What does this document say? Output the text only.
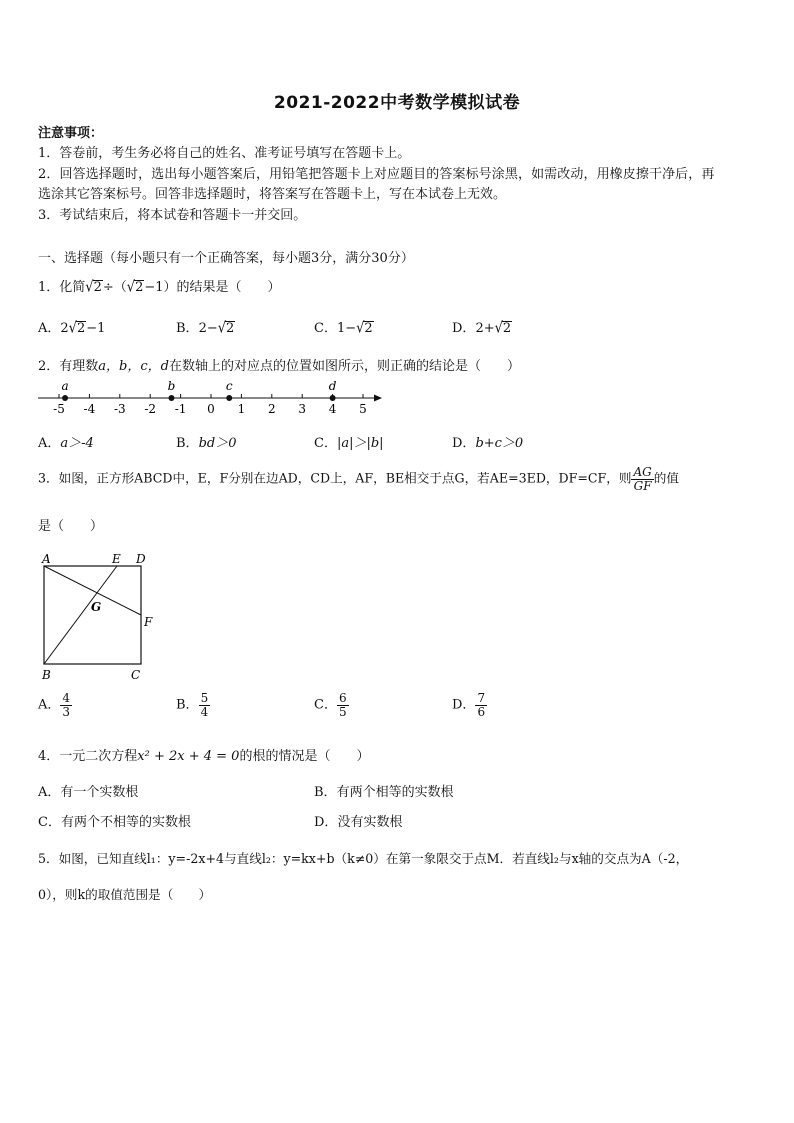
2021-2022中考数学模拟试卷
注意事项：
1．答卷前，考生务必将自己的姓名、准考证号填写在答题卡上。
2．回答选择题时，选出每小题答案后，用铅笔把答题卡上对应题目的答案标号涂黑，如需改动，用橡皮擦干净后，再
选涂其它答案标号。回答非选择题时，将答案写在答题卡上，写在本试卷上无效。
3．考试结束后，将本试卷和答题卡一并交回。
一、选择题（每小题只有一个正确答案，每小题3分，满分30分）
1．化简√2÷（√2−1）的结果是（　　）
A．2√2−1	B．2−√2	C．1−√2	D．2+√2
2．有理数a，b，c，d在数轴上的对应点的位置如图所示，则正确的结论是（　　）
-5 -4 -3 -2 -1 0 1 2 3 4 5
a	b	c	d
A．a＞-4	B．bd＞0	C．|a|＞|b|	D．b+c＞0
3．如图，正方形ABCD中，E，F分别在边AD，CD上，AF，BE相交于点G，若AE=3ED，DF=CF，则 $\frac{AG}{GF}$ 的值
是（　　）
A	E D
F
G
B	C
A． $\frac{4}{3}$	B． $\frac{5}{4}$	C． $\frac{6}{5}$	D． $\frac{7}{6}$
4．一元二次方程x² + 2x + 4 = 0的根的情况是（　　）
A．有一个实数根	B．有两个相等的实数根
C．有两个不相等的实数根	D．没有实数根
5．如图，已知直线l₁：y=-2x+4与直线l₂：y=kx+b（k≠0）在第一象限交于点M．若直线l₂与x轴的交点为A（-2，
0），则k的取值范围是（　　）
